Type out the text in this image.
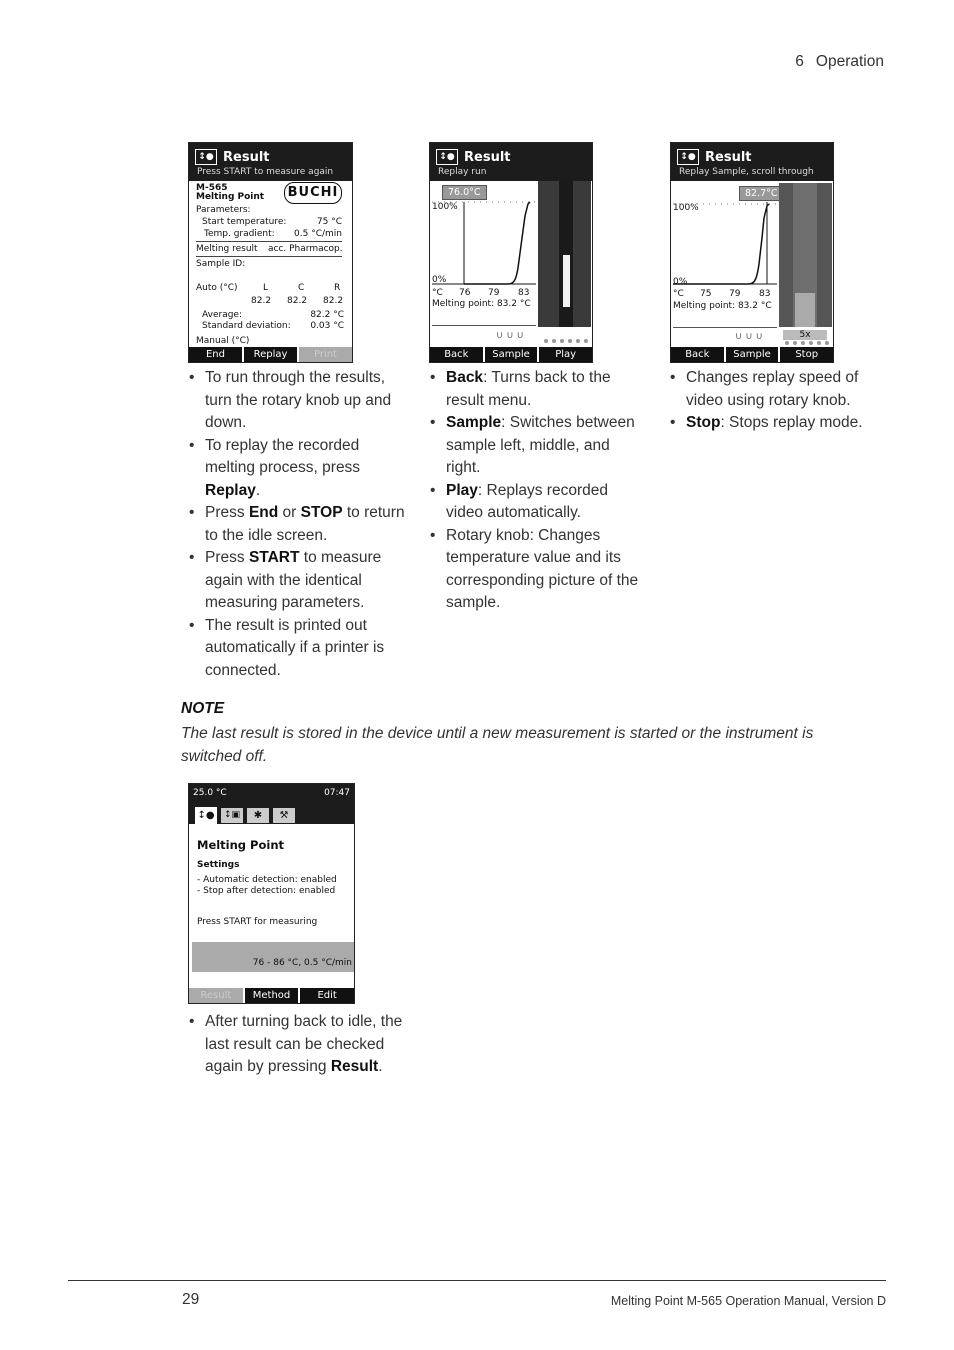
6 Operation
↕● Result
Press START to measure again
M-565
Melting Point BUCHI
Parameters:
Start temperature:	75 °C
Temp. gradient: 0.5 °C/min
Melting result acc. Pharmacop.
Sample ID:
Auto (°C)	L	C	R
82.2 82.2 82.2
Average:	82.2 °C
Standard deviation: 0.03 °C
Manual (°C)
End	Replay	Print
↕● Result
Replay run
76.0°C
100%
0%
°C 76 79 83
Melting point: 83.2 °C
∪∪∪
Back	Sample	Play
↕● Result
Replay Sample, scroll through
82.7°C
100%
0%
°C 75 79 83
Melting point: 83.2 °C
∪∪∪	5x
Back	Sample	Stop
• To run through the results, turn the rotary knob up and down.
• To replay the recorded melting process, press Replay.
• Press End or STOP to return to the idle screen.
• Press START to measure again with the identical measuring parameters.
• The result is printed out automatically if a printer is connected.
• Back: Turns back to the result menu.
• Sample: Switches between sample left, middle, and right.
• Play: Replays recorded video automatically.
• Rotary knob: Changes temperature value and its corresponding picture of the sample.
• Changes replay speed of video using rotary knob.
• Stop: Stops replay mode.
NOTE
The last result is stored in the device until a new measurement is started or the instrument is switched off.
25.0 °C	07:47
↕●	↕▣	✱	⚒
Melting Point
Settings
- Automatic detection: enabled
- Stop after detection: enabled
Press START for measuring
76 - 86 °C, 0.5 °C/min
Result	Method	Edit
• After turning back to idle, the last result can be checked again by pressing Result.
29	Melting Point M-565 Operation Manual, Version D
